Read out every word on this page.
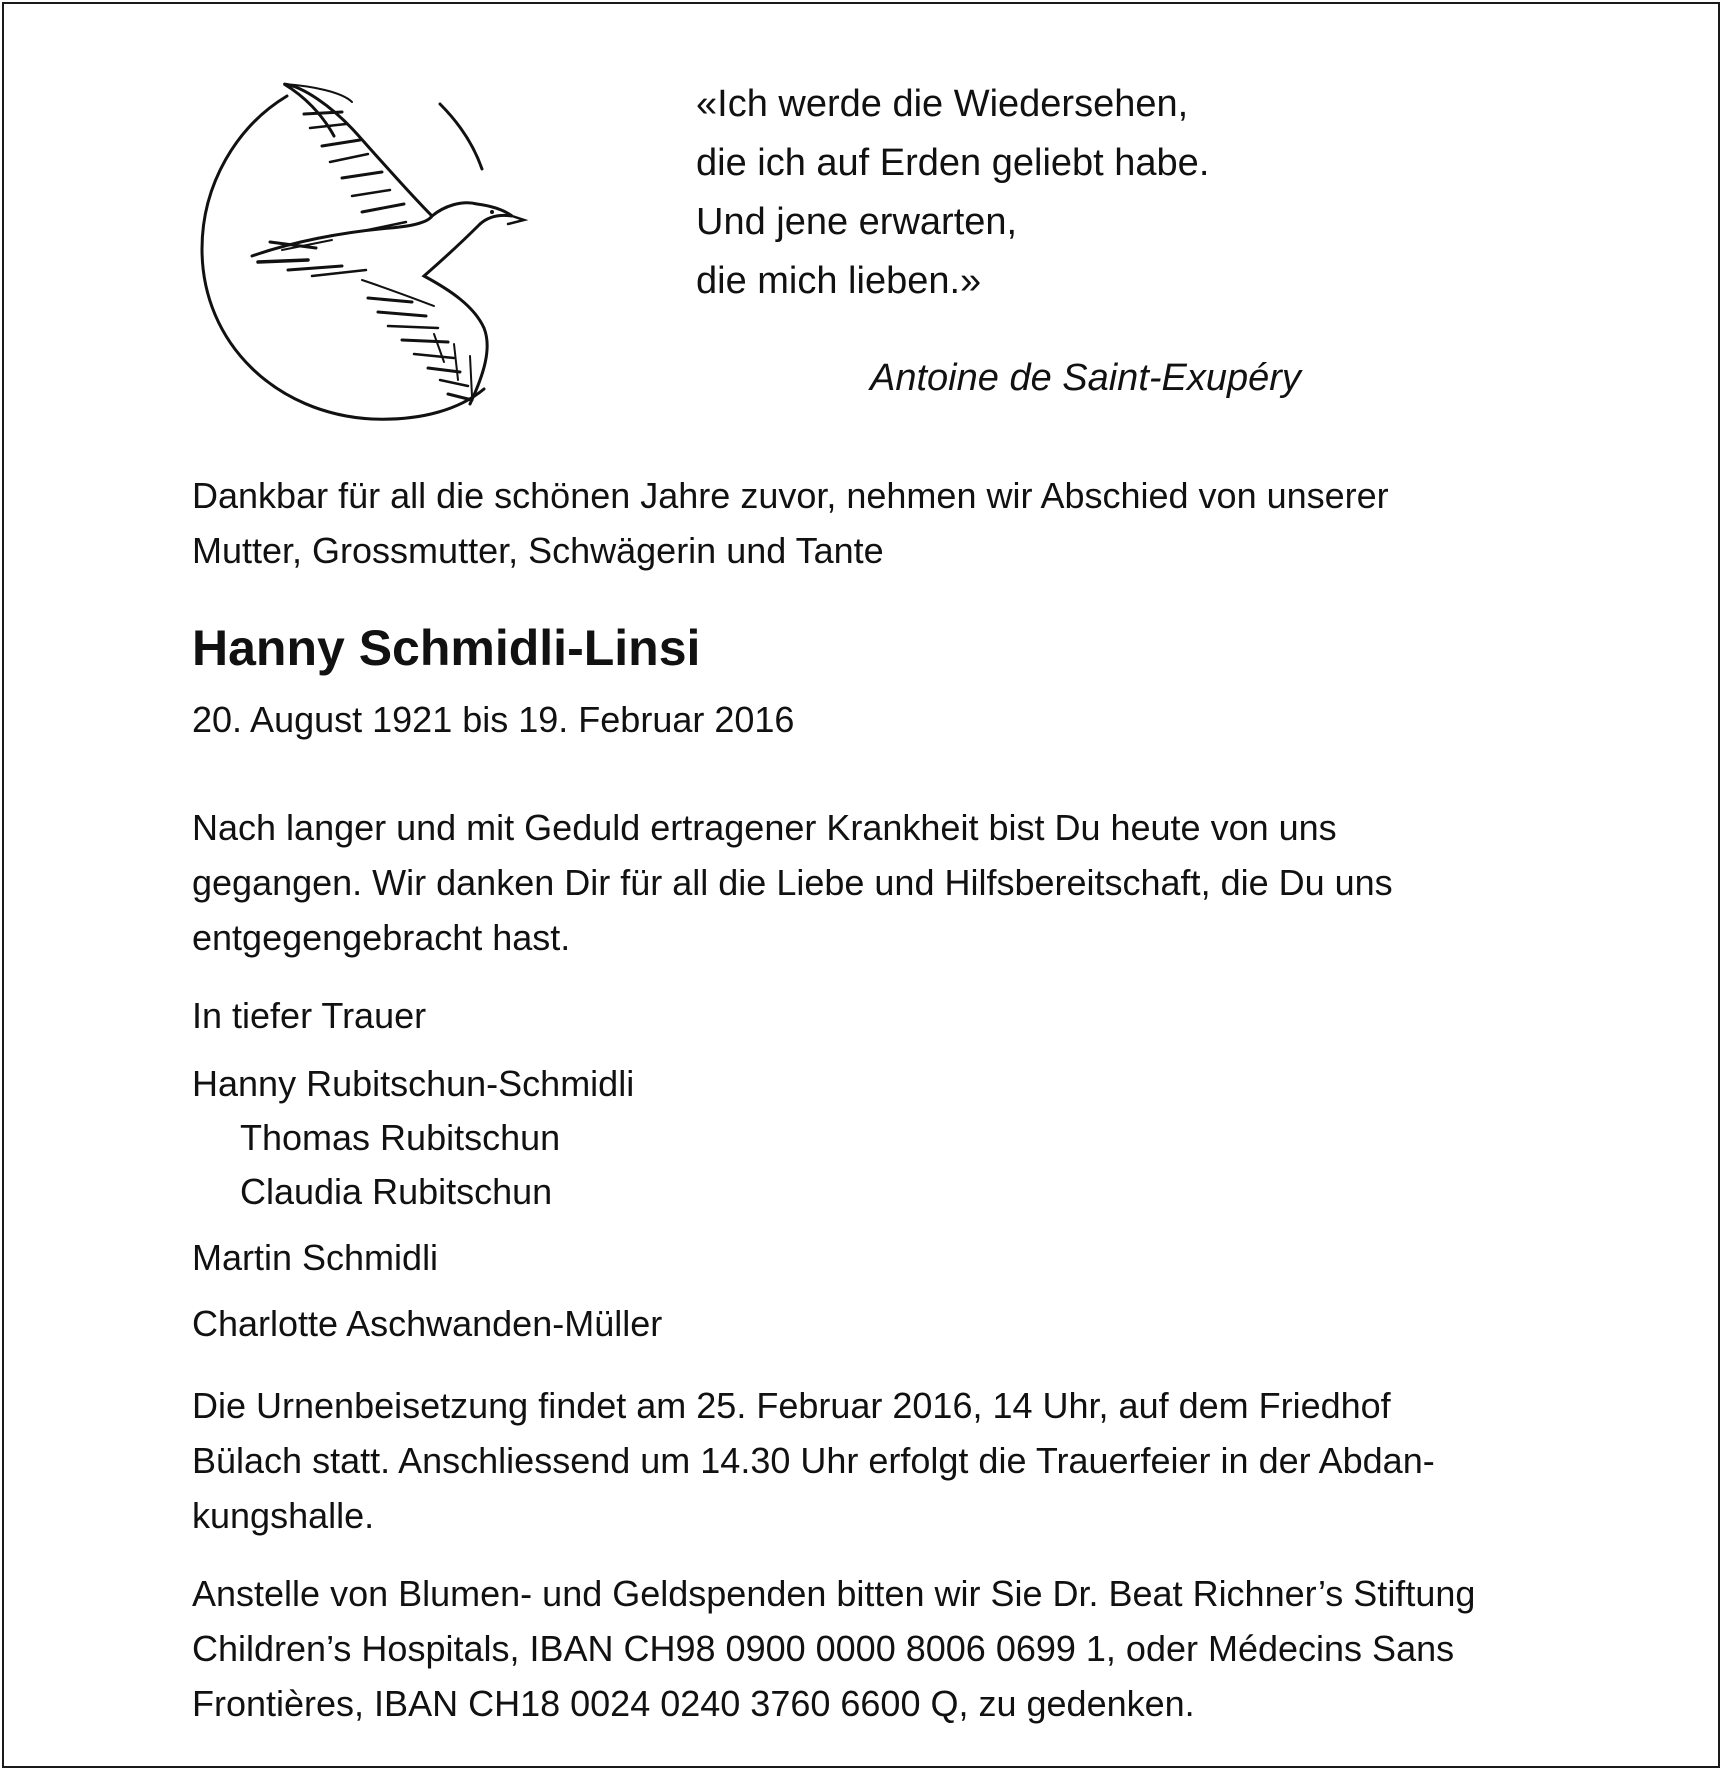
«Ich werde die Wiedersehen,
die ich auf Erden geliebt habe.
Und jene erwarten,
die mich lieben.»
Antoine de Saint-Exupéry
Dankbar für all die schönen Jahre zuvor, nehmen wir Abschied von unserer
Mutter, Grossmutter, Schwägerin und Tante
Hanny Schmidli-Linsi
20. August 1921 bis 19. Februar 2016
Nach langer und mit Geduld ertragener Krankheit bist Du heute von uns
gegangen. Wir danken Dir für all die Liebe und Hilfsbereitschaft, die Du uns
entgegengebracht hast.
In tiefer Trauer
Hanny Rubitschun-Schmidli
Thomas Rubitschun
Claudia Rubitschun
Martin Schmidli
Charlotte Aschwanden-Müller
Die Urnenbeisetzung findet am 25. Februar 2016, 14 Uhr, auf dem Friedhof
Bülach statt. Anschliessend um 14.30 Uhr erfolgt die Trauerfeier in der Abdan-
kungshalle.
Anstelle von Blumen- und Geldspenden bitten wir Sie Dr. Beat Richner’s Stiftung
Children’s Hospitals, IBAN CH98 0900 0000 8006 0699 1, oder Médecins Sans
Frontières, IBAN CH18 0024 0240 3760 6600 Q, zu gedenken.
